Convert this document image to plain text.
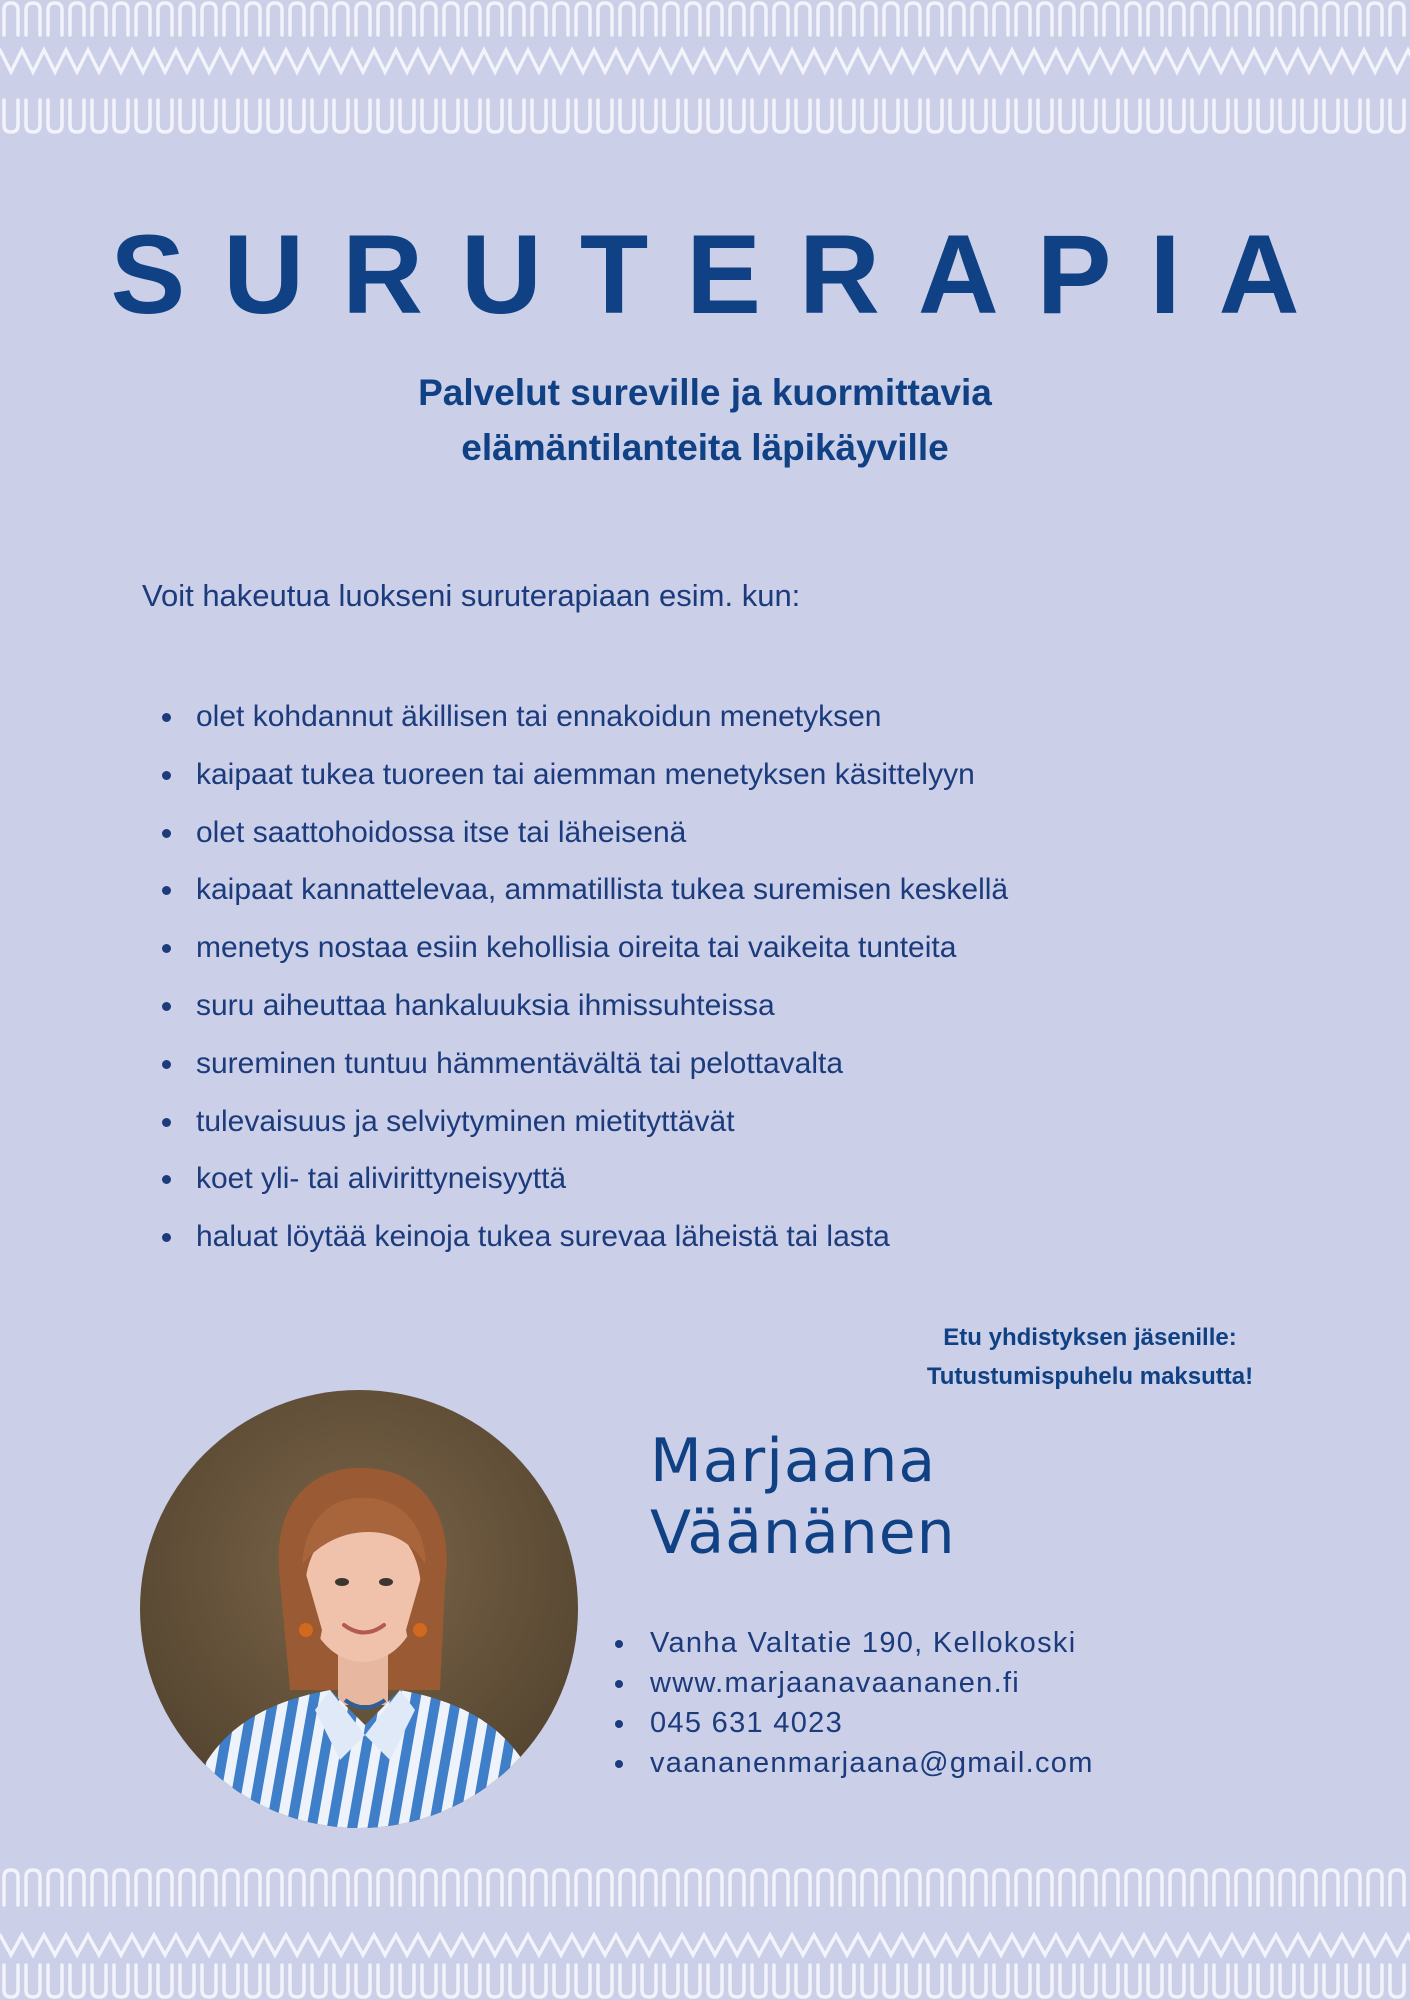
SURUTERAPIA
Palvelut sureville ja kuormittavia
elämäntilanteita läpikäyville

Voit hakeutua luokseni suruterapiaan esim. kun:

olet kohdannut äkillisen tai ennakoidun menetyksen
kaipaat tukea tuoreen tai aiemman menetyksen käsittelyyn
olet saattohoidossa itse tai läheisenä
kaipaat kannattelevaa, ammatillista tukea suremisen keskellä
menetys nostaa esiin kehollisia oireita tai vaikeita tunteita
suru aiheuttaa hankaluuksia ihmissuhteissa
sureminen tuntuu hämmentävältä tai pelottavalta
tulevaisuus ja selviytyminen mietityttävät
koet yli- tai alivirittyneisyyttä
haluat löytää keinoja tukea surevaa läheistä tai lasta
Etu yhdistyksen jäsenille:
Tutustumispuhelu maksutta!
Marjaana
Väänänen
Vanha Valtatie 190, Kellokoski
www.marjaanavaananen.fi
045 631 4023
vaananenmarjaana@gmail.com
